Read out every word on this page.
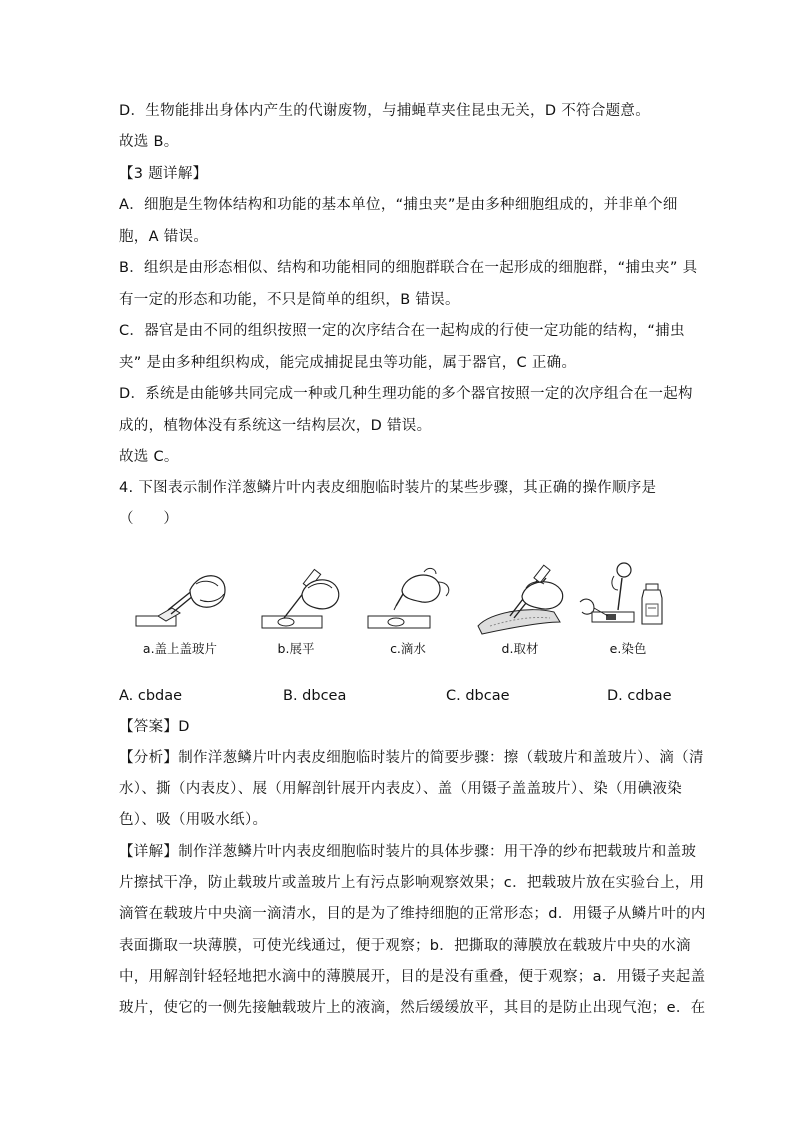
D．生物能排出身体内产生的代谢废物，与捕蝇草夹住昆虫无关，D 不符合题意。
故选 B。
【3 题详解】
A．细胞是生物体结构和功能的基本单位，“捕虫夹”是由多种细胞组成的，并非单个细
胞，A 错误。
B．组织是由形态相似、结构和功能相同的细胞群联合在一起形成的细胞群，“捕虫夹” 具
有一定的形态和功能，不只是简单的组织，B 错误。
C．器官是由不同的组织按照一定的次序结合在一起构成的行使一定功能的结构，“捕虫
夹” 是由多种组织构成，能完成捕捉昆虫等功能，属于器官，C 正确。
D．系统是由能够共同完成一种或几种生理功能的多个器官按照一定的次序组合在一起构
成的，植物体没有系统这一结构层次，D 错误。
故选 C。
4. 下图表示制作洋葱鳞片叶内表皮细胞临时装片的某些步骤，其正确的操作顺序是
（　　）
a.盖上盖玻片	b.展平	c.滴水	d.取材	e.染色
A. cbdae	B. dbcea	C. dbcae	D. cdbae
【答案】D
【分析】制作洋葱鳞片叶内表皮细胞临时装片的简要步骤：擦（载玻片和盖玻片）、滴（清
水）、撕（内表皮）、展（用解剖针展开内表皮）、盖（用镊子盖盖玻片）、染（用碘液染
色）、吸（用吸水纸）。
【详解】制作洋葱鳞片叶内表皮细胞临时装片的具体步骤：用干净的纱布把载玻片和盖玻
片擦拭干净，防止载玻片或盖玻片上有污点影响观察效果；c．把载玻片放在实验台上，用
滴管在载玻片中央滴一滴清水，目的是为了维持细胞的正常形态；d．用镊子从鳞片叶的内
表面撕取一块薄膜，可使光线通过，便于观察；b．把撕取的薄膜放在载玻片中央的水滴
中，用解剖针轻轻地把水滴中的薄膜展开，目的是没有重叠，便于观察；a．用镊子夹起盖
玻片，使它的一侧先接触载玻片上的液滴，然后缓缓放平，其目的是防止出现气泡；e．在
